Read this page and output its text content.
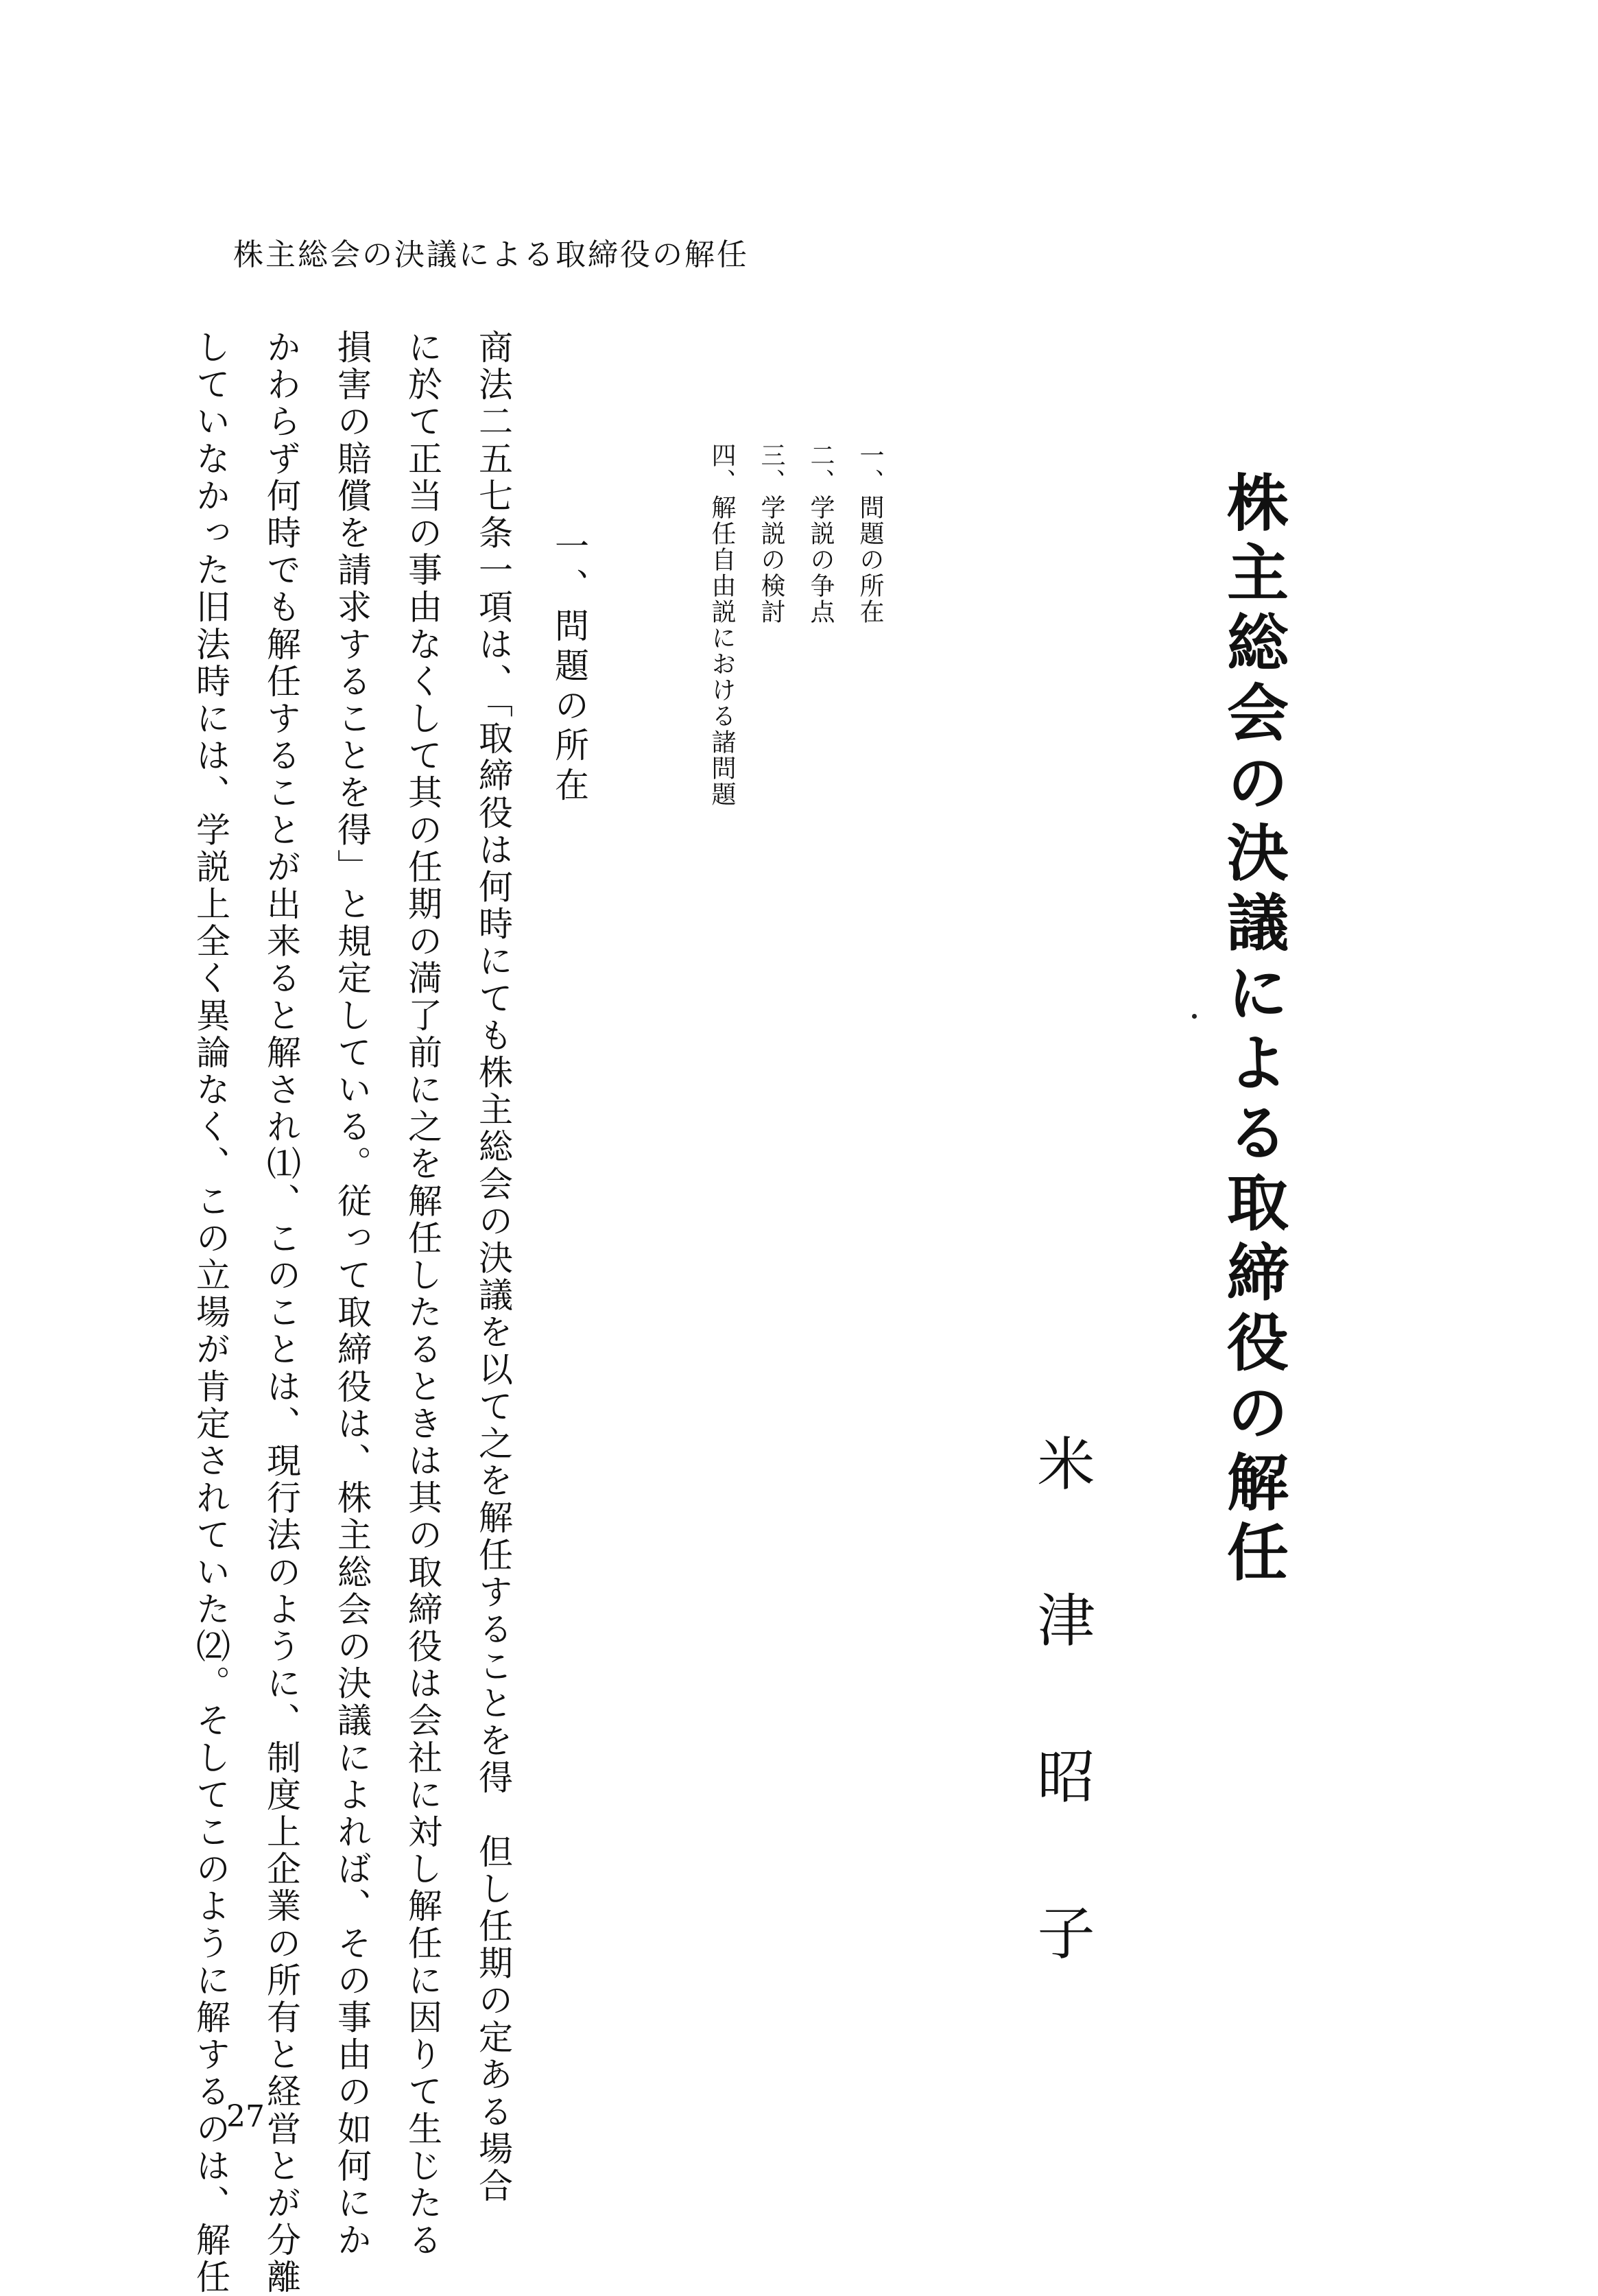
株主総会の決議による取締役の解任
株主総会の決議による取締役の解任
米津昭子
一、問題の所在
二、学説の争点
三、学説の検討
四、解任自由説における諸問題
一、問題の所在
商法二五七条一項は、「取締役は何時にても株主総会の決議を以て之を解任することを得　但し任期の定ある場合
に於て正当の事由なくして其の任期の満了前に之を解任したるときは其の取締役は会社に対し解任に因りて生じたる
損害の賠償を請求することを得」と規定している。従って取締役は、株主総会の決議によれば、その事由の如何にか
かわらず何時でも解任することが出来ると解され⑴、このことは、現行法のように、制度上企業の所有と経営とが分離
していなかった旧法時には、学説上全く異論なく、この立場が肯定されていた⑵。そしてこのように解するのは、解任
27
